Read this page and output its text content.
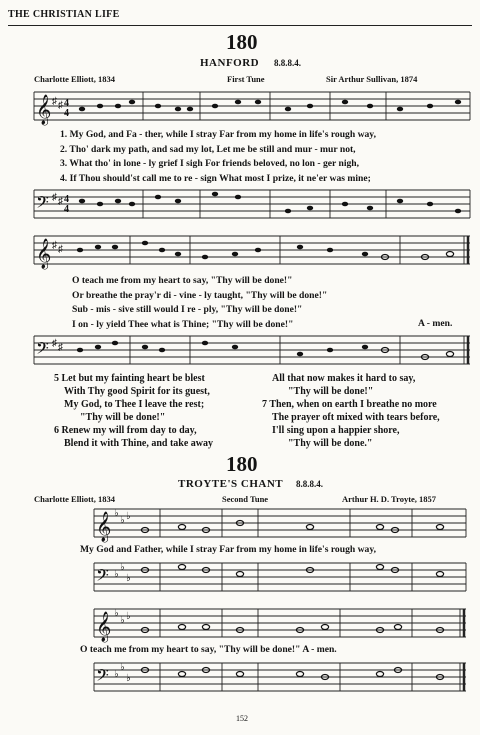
THE CHRISTIAN LIFE
180
HANFORD 8.8.8.4.
Charlotte Elliott, 1834	First Tune	Sir Arthur Sullivan, 1874
𝄞 ♯ ♯ 4
4
1. My God, and Fa - ther, while I stray Far from my home in life's rough way,
2. Tho' dark my path, and sad my lot, Let me be still and mur - mur not,
3. What tho' in lone - ly grief I sigh For friends beloved, no lon - ger nigh,
4. If Thou should'st call me to re - sign What most I prize, it ne'er was mine;
𝄢 ♯ ♯ 4
4
𝄞 ♯ ♯
O teach me from my heart to say, "Thy will be done!"
Or breathe the pray'r di - vine - ly taught, "Thy will be done!"
Sub - mis - sive still would I re - ply, "Thy will be done!"
I on - ly yield Thee what is Thine; "Thy will be done!"	A - men.
𝄢 ♯ ♯
5 Let but my fainting heart be blest
With Thy good Spirit for its guest,
My God, to Thee I leave the rest;
"Thy will be done!"
6 Renew my will from day to day,
Blend it with Thine, and take away
All that now makes it hard to say,
"Thy will be done!"
7 Then, when on earth I breathe no more
The prayer oft mixed with tears before,
I'll sing upon a happier shore,
"Thy will be done."
180
TROYTE'S CHANT 8.8.8.4.
Charlotte Elliott, 1834	Second Tune	Arthur H. D. Troyte, 1857
𝄞 ♭
♭ ♭
My God and Father, while I stray Far from my home in life's rough way,
𝄢 ♭
♭
♭
𝄞 ♭
♭ ♭
O teach me from my heart to say, "Thy will be done!" A - men.
𝄢 ♭
♭
♭
152
